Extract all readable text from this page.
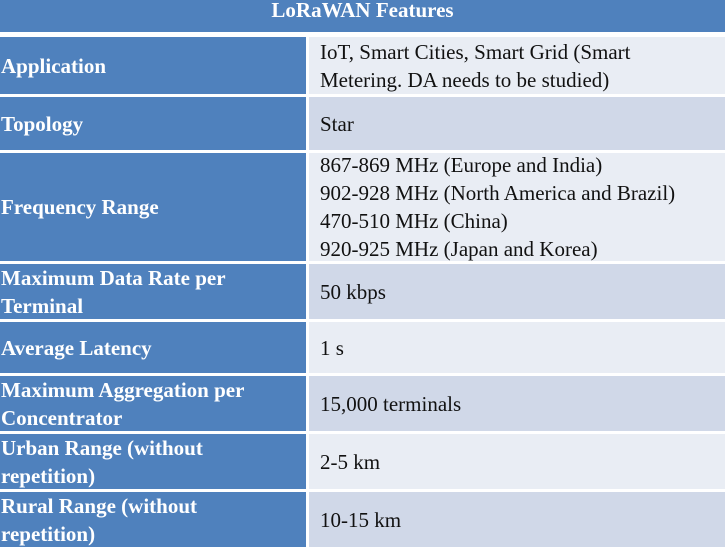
LoRaWAN Features
Application
IoT, Smart Cities, Smart Grid (Smart
Metering. DA needs to be studied)
Topology	Star
Frequency Range
867-869 MHz (Europe and India)
902-928 MHz (North America and Brazil)
470-510 MHz (China)
920-925 MHz (Japan and Korea)
Maximum Data Rate per
Terminal
50 kbps
Average Latency	1 s
Maximum Aggregation per
Concentrator
15,000 terminals
Urban Range (without
repetition)
2-5 km
Rural Range (without
repetition)
10-15 km
